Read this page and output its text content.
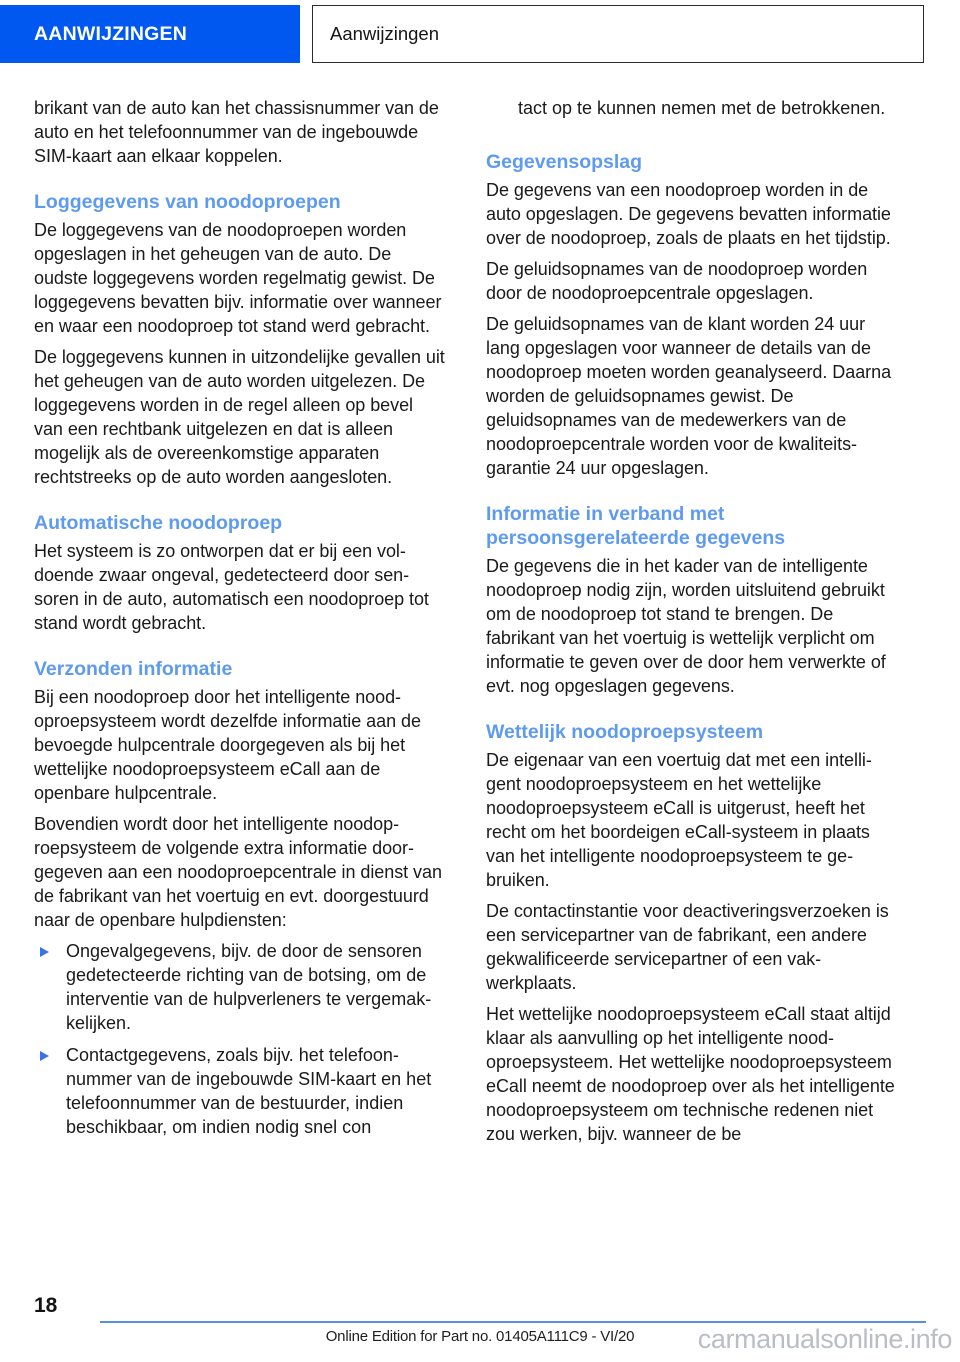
AANWIJZINGEN	Aanwijzingen

brikant van de auto kan het chassisnummer van de auto en het telefoonnummer van de ingebouwde SIM-kaart aan elkaar koppelen.

Loggegevens van noodoproepen

De loggegevens van de noodoproepen worden opgeslagen in het geheugen van de auto. De oudste loggegevens worden regelmatig gewist. De loggegevens bevatten bijv. informatie over wanneer en waar een noodoproep tot stand werd gebracht.

De loggegevens kunnen in uitzondelijke gevallen uit het geheugen van de auto worden uitgelezen. De loggegevens worden in de regel alleen op bevel van een rechtbank uitgelezen en dat is alleen mogelijk als de overeenkomstige apparaten rechtstreeks op de auto worden aangesloten.

Automatische noodoproep

Het systeem is zo ontworpen dat er bij een voldoende zwaar ongeval, gedetecteerd door sensoren in de auto, automatisch een noodoproep tot stand wordt gebracht.

Verzonden informatie

Bij een noodoproep door het intelligente noodoproepsysteem wordt dezelfde informatie aan de bevoegde hulpcentrale doorgegeven als bij het wettelijke noodoproepsysteem eCall aan de openbare hulpcentrale.

Bovendien wordt door het intelligente noodoproepsysteem de volgende extra informatie doorgegeven aan een noodoproepcentrale in dienst van de fabrikant van het voertuig en evt. doorgestuurd naar de openbare hulpdiensten:

Ongevalgegevens, bijv. de door de sensoren gedetecteerde richting van de botsing, om de interventie van de hulpverleners te vergemakkelijken.
Contactgegevens, zoals bijv. het telefoonnummer van de ingebouwde SIM-kaart en het telefoonnummer van de bestuurder, indien beschikbaar, om indien nodig snel con
tact op te kunnen nemen met de betrokkenen.
Gegevensopslag

De gegevens van een noodoproep worden in de auto opgeslagen. De gegevens bevatten informatie over de noodoproep, zoals de plaats en het tijdstip.

De geluidsopnames van de noodoproep worden door de noodoproepcentrale opgeslagen.

De geluidsopnames van de klant worden 24 uur lang opgeslagen voor wanneer de details van de noodoproep moeten worden geanalyseerd. Daarna worden de geluidsopnames gewist. De geluidsopnames van de medewerkers van de noodoproepcentrale worden voor de kwaliteitsgarantie 24 uur opgeslagen.

Informatie in verband met persoonsgerelateerde gegevens

De gegevens die in het kader van de intelligente noodoproep nodig zijn, worden uitsluitend gebruikt om de noodoproep tot stand te brengen. De fabrikant van het voertuig is wettelijk verplicht om informatie te geven over de door hem verwerkte of evt. nog opgeslagen gegevens.

Wettelijk noodoproepsysteem

De eigenaar van een voertuig dat met een intelligent noodoproepsysteem en het wettelijke noodoproepsysteem eCall is uitgerust, heeft het recht om het boordeigen eCall-systeem in plaats van het intelligente noodoproepsysteem te gebruiken.

De contactinstantie voor deactiveringsverzoeken is een servicepartner van de fabrikant, een andere gekwalificeerde servicepartner of een vakwerkplaats.

Het wettelijke noodoproepsysteem eCall staat altijd klaar als aanvulling op het intelligente noodoproepsysteem. Het wettelijke noodoproepsysteem eCall neemt de noodoproep over als het intelligente noodoproepsysteem om technische redenen niet zou werken, bijv. wanneer de be

18
Online Edition for Part no. 01405A111C9 - VI/20	carmanualsonline.info
